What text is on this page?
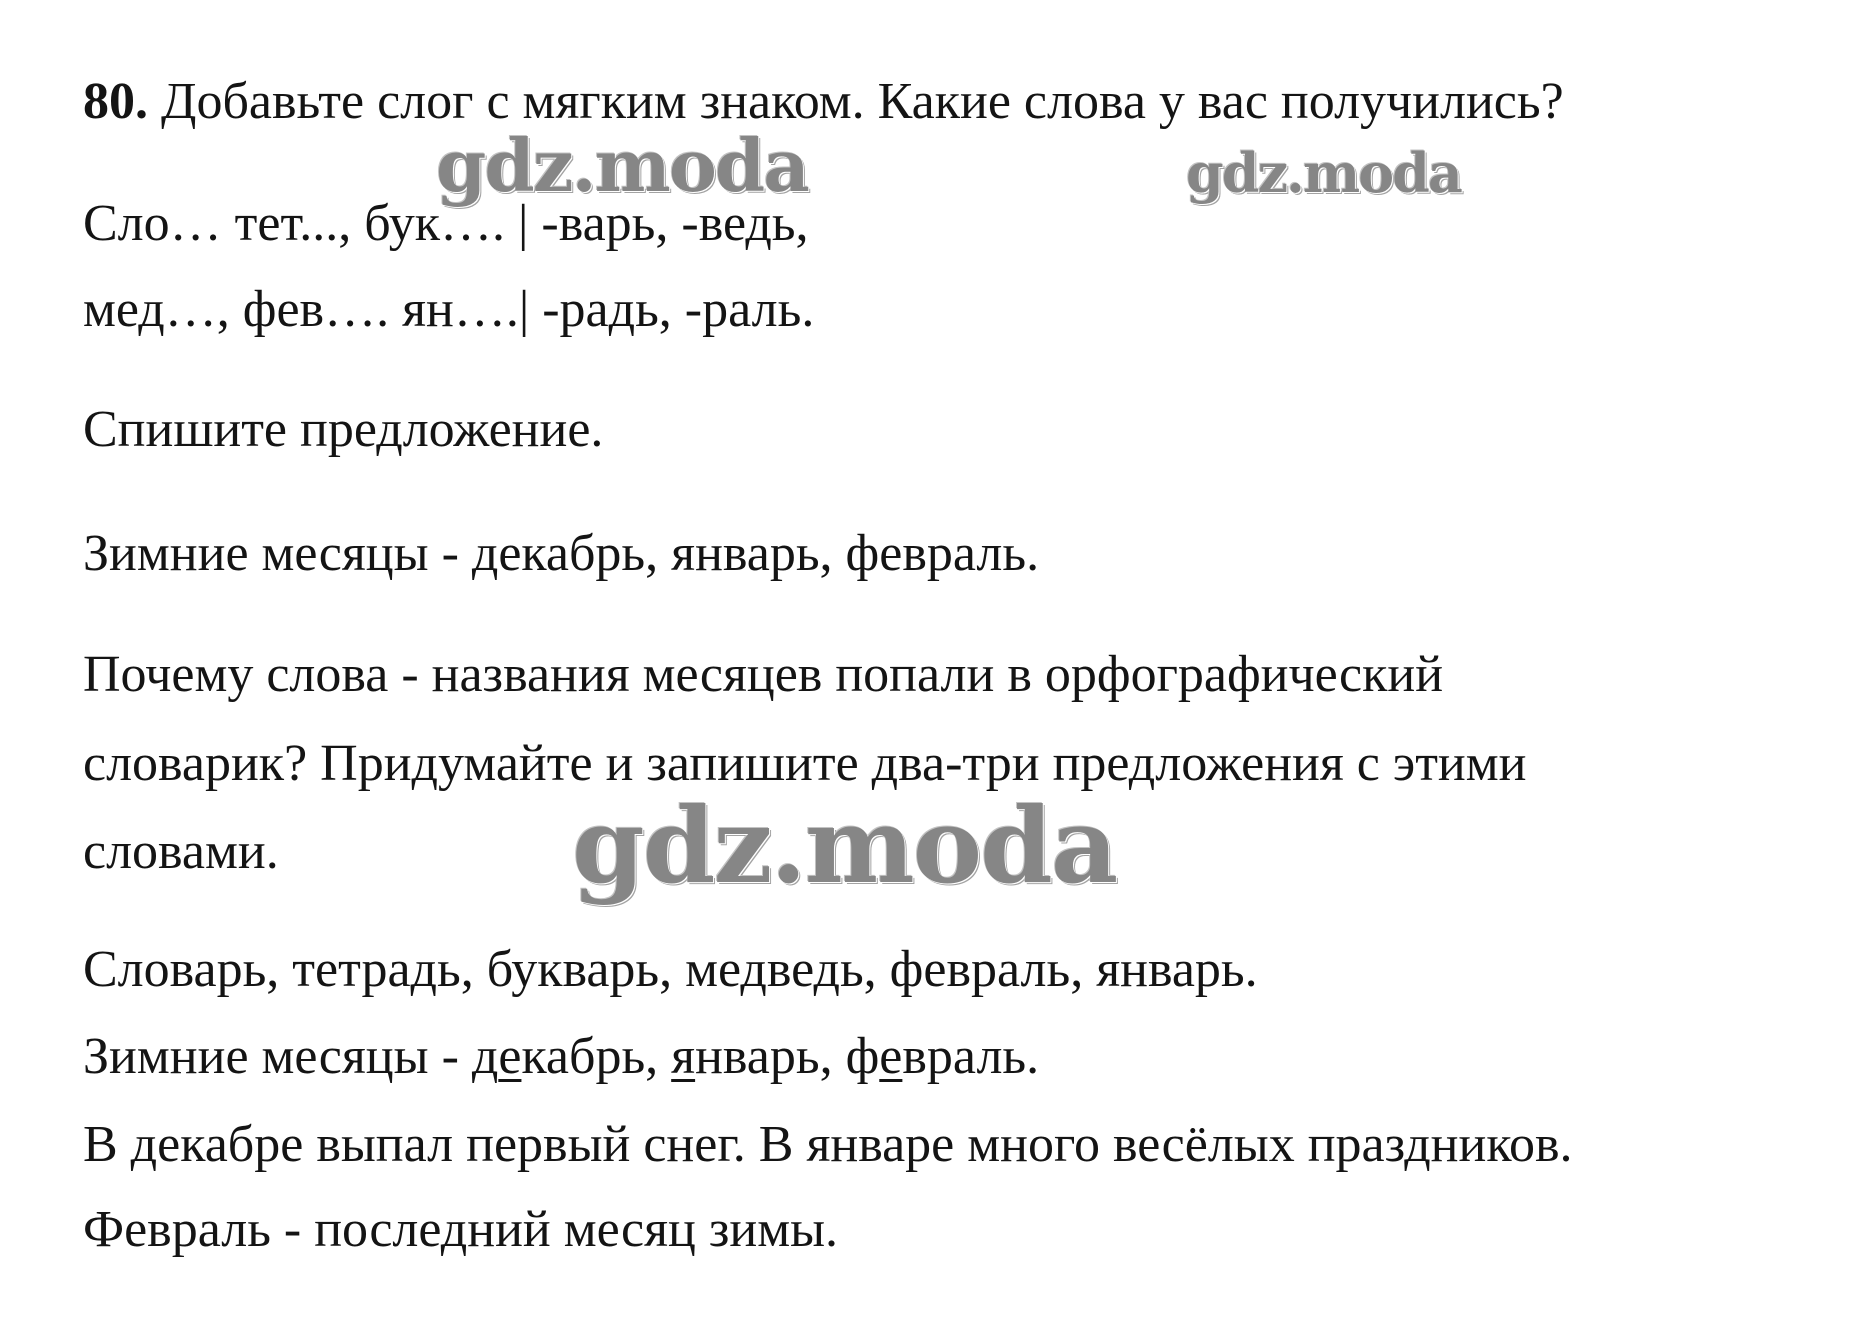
80. Добавьте слог с мягким знаком. Какие слова у вас получились?
Сло… тет..., бук…. | -варь, -ведь,
мед…, фев…. ян….| -радь, -раль.
Спишите предложение.
Зимние месяцы - декабрь, январь, февраль.
Почему слова - названия месяцев попали в орфографический
словарик? Придумайте и запишите два-три предложения с этими
словами.
Словарь, тетрадь, букварь, медведь, февраль, январь.
Зимние месяцы - декабрь, январь, февраль.
В декабре выпал первый снег. В январе много весёлых праздников.
Февраль - последний месяц зимы.
gdz.moda	gdz.moda
gdz.moda
